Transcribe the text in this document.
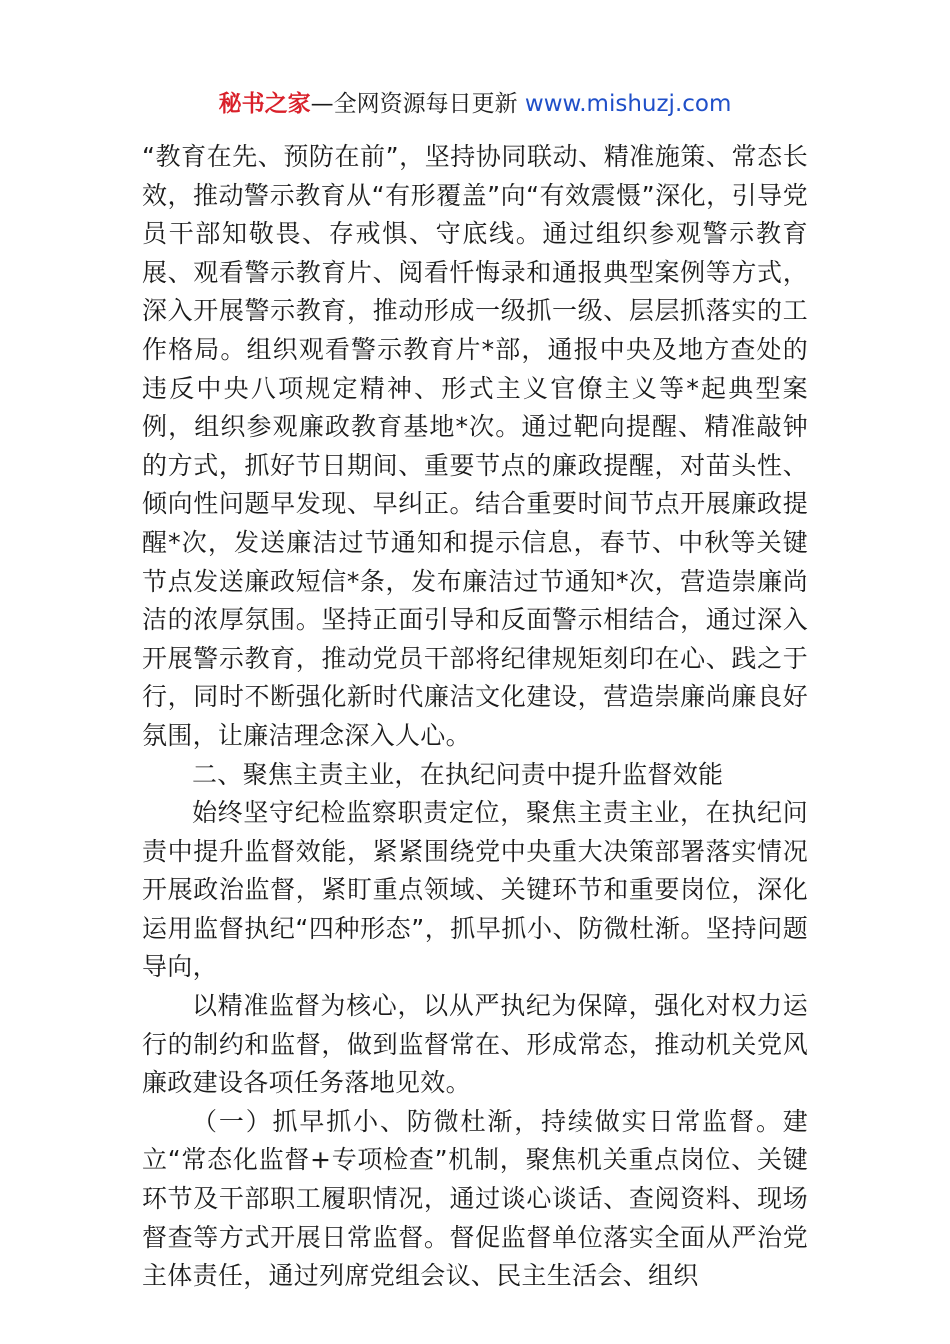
秘书之家—全网资源每日更新 www.mishuzj.com

“教育在先、预防在前”，坚持协同联动、精准施策、常态长效，推动警示教育从“有形覆盖”向“有效震慑”深化，引导党员干部知敬畏、存戒惧、守底线。通过组织参观警示教育展、观看警示教育片、阅看忏悔录和通报典型案例等方式，深入开展警示教育，推动形成一级抓一级、层层抓落实的工作格局。组织观看警示教育片*部，通报中央及地方查处的违反中央八项规定精神、形式主义官僚主义等*起典型案例，组织参观廉政教育基地*次。通过靶向提醒、精准敲钟的方式，抓好节日期间、重要节点的廉政提醒，对苗头性、倾向性问题早发现、早纠正。结合重要时间节点开展廉政提醒*次，发送廉洁过节通知和提示信息，春节、中秋等关键节点发送廉政短信*条，发布廉洁过节通知*次，营造崇廉尚洁的浓厚氛围。坚持正面引导和反面警示相结合，通过深入开展警示教育，推动党员干部将纪律规矩刻印在心、践之于行，同时不断强化新时代廉洁文化建设，营造崇廉尚廉良好氛围，让廉洁理念深入人心。

二、聚焦主责主业，在执纪问责中提升监督效能

始终坚守纪检监察职责定位，聚焦主责主业，在执纪问责中提升监督效能，紧紧围绕党中央重大决策部署落实情况开展政治监督，紧盯重点领域、关键环节和重要岗位，深化运用监督执纪“四种形态”，抓早抓小、防微杜渐。坚持问题导向，

以精准监督为核心，以从严执纪为保障，强化对权力运行的制约和监督，做到监督常在、形成常态，推动机关党风廉政建设各项任务落地见效。

（一）抓早抓小、防微杜渐，持续做实日常监督。建立“常态化监督+专项检查”机制，聚焦机关重点岗位、关键环节及干部职工履职情况，通过谈心谈话、查阅资料、现场督查等方式开展日常监督。督促监督单位落实全面从严治党主体责任，通过列席党组会议、民主生活会、组织
